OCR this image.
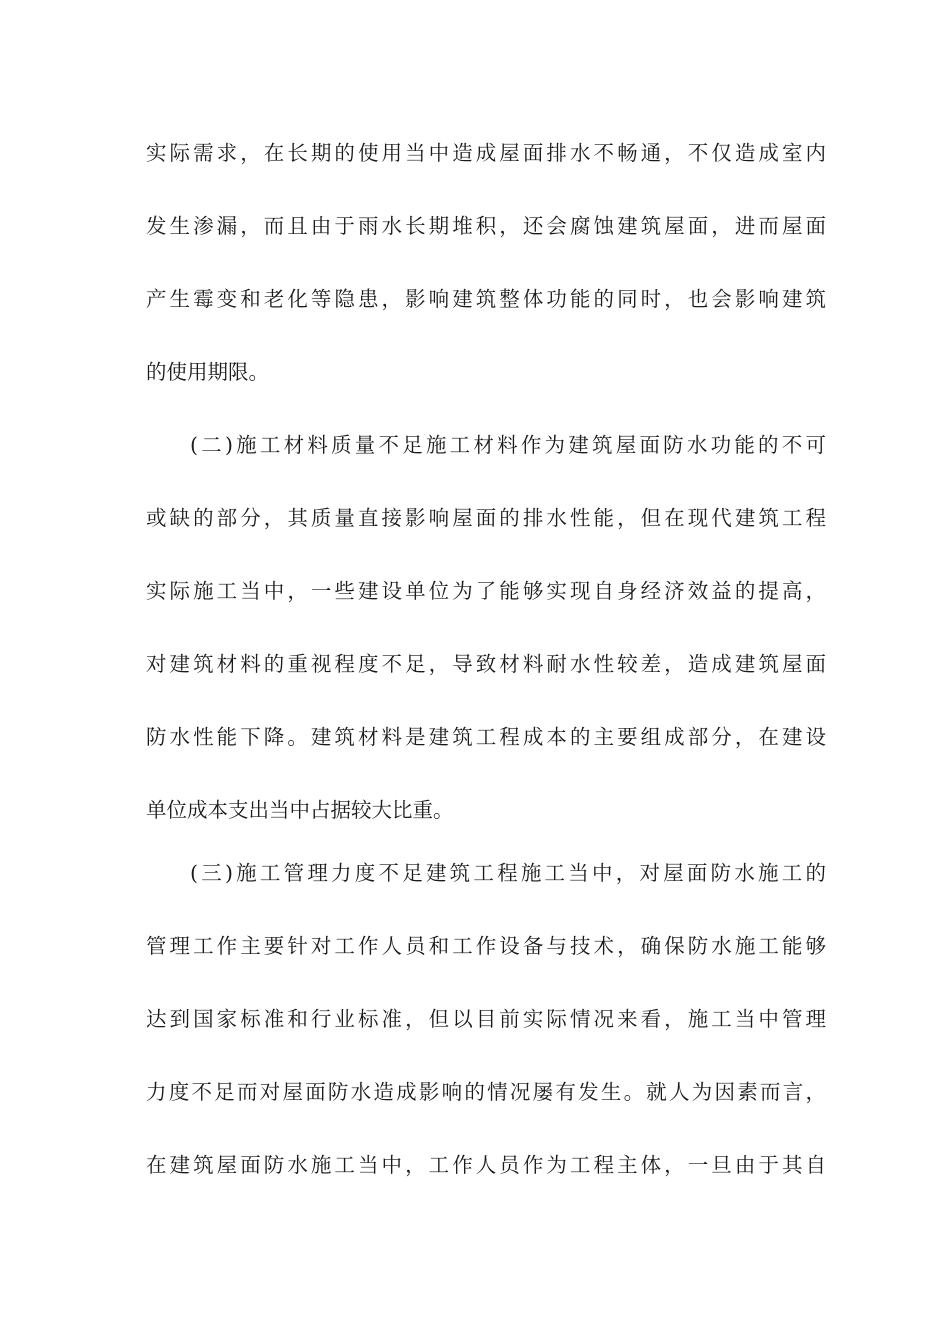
实际需求，在长期的使用当中造成屋面排水不畅通，不仅造成室内
发生渗漏，而且由于雨水长期堆积，还会腐蚀建筑屋面，进而屋面
产生霉变和老化等隐患，影响建筑整体功能的同时，也会影响建筑
的使用期限。
(二)施工材料质量不足施工材料作为建筑屋面防水功能的不可
或缺的部分，其质量直接影响屋面的排水性能，但在现代建筑工程
实际施工当中，一些建设单位为了能够实现自身经济效益的提高，
对建筑材料的重视程度不足，导致材料耐水性较差，造成建筑屋面
防水性能下降。建筑材料是建筑工程成本的主要组成部分，在建设
单位成本支出当中占据较大比重。
(三)施工管理力度不足建筑工程施工当中，对屋面防水施工的
管理工作主要针对工作人员和工作设备与技术，确保防水施工能够
达到国家标准和行业标准，但以目前实际情况来看，施工当中管理
力度不足而对屋面防水造成影响的情况屡有发生。就人为因素而言，
在建筑屋面防水施工当中，工作人员作为工程主体，一旦由于其自
